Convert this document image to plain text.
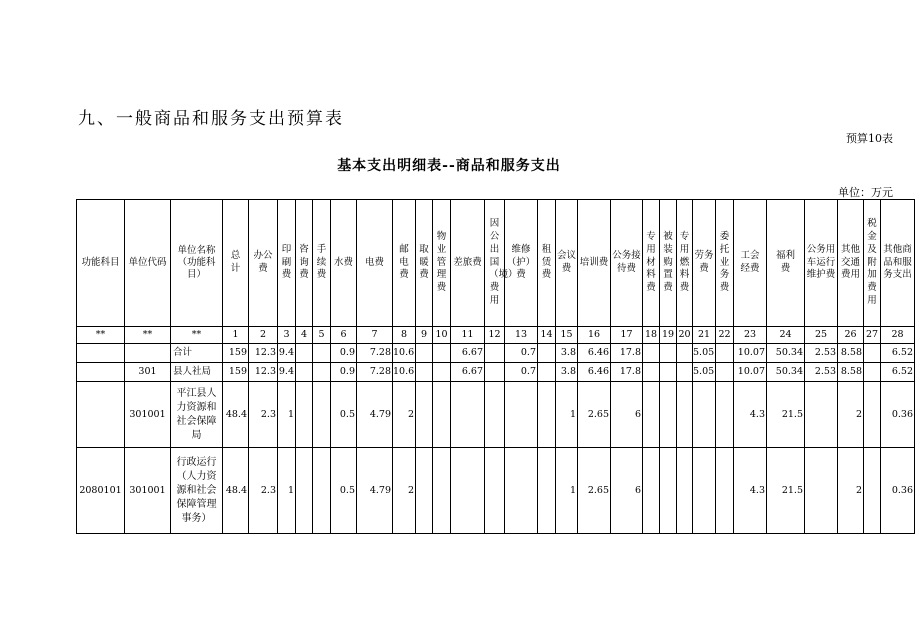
九、一般商品和服务支出预算表
预算10表
基本支出明细表--商品和服务支出
单位：万元
功能科目	单位代码	单位名称（功能科目）	总计	办公费	印刷费	咨询费	手续费	水费	电费	邮电费	取暖费	物业管理费	差旅费	因公出国（境）费用	维修（护）费	租赁费	会议费	培训费	公务接待费	专用材料费	被装购置费	专用燃料费	劳务费	委托业务费	工会经费	福利费	公务用车运行维护费	其他交通费用	税金及附加费用	其他商品和服务支出
**	**	**	1	2	3	4	5	6	7	8	9	10	11	12	13	14	15	16	17	18	19	20	21	22	23	24	25	26	27	28
		合计	159	12.3	9.4			0.9	7.28	10.6			6.67		0.7		3.8	6.46	17.8				5.05		10.07	50.34	2.53	8.58		6.52
	301	县人社局	159	12.3	9.4			0.9	7.28	10.6			6.67		0.7		3.8	6.46	17.8				5.05		10.07	50.34	2.53	8.58		6.52
	301001	平江县人力资源和社会保障局	48.4	2.3	1			0.5	4.79	2							1	2.65	6						4.3	21.5		2		0.36
2080101	301001	行政运行（人力资源和社会保障管理事务）	48.4	2.3	1			0.5	4.79	2							1	2.65	6						4.3	21.5		2		0.36
